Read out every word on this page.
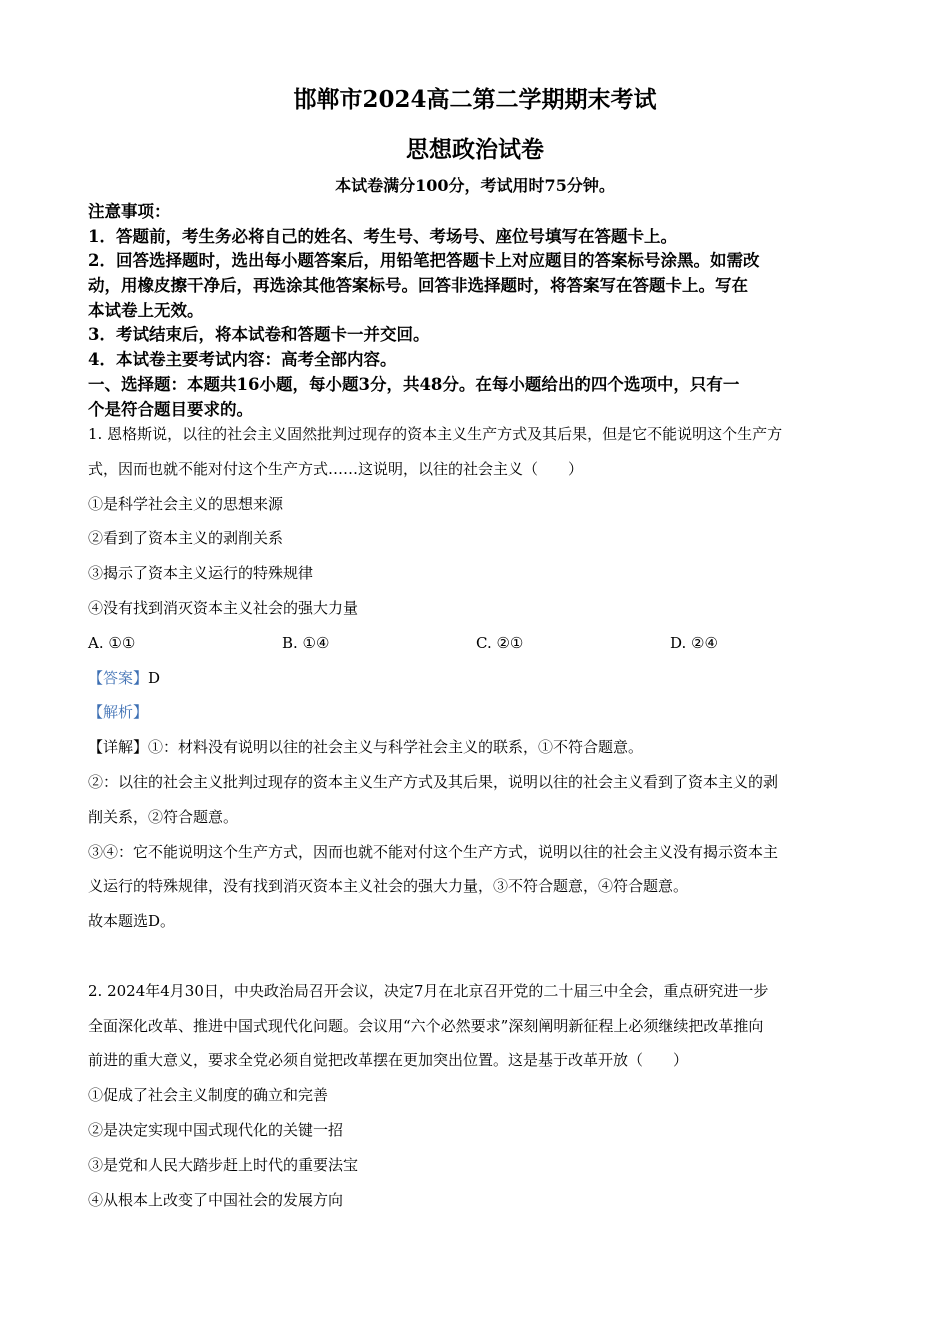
邯郸市2024高二第二学期期末考试
思想政治试卷
本试卷满分100分，考试用时75分钟。
注意事项：
1．答题前，考生务必将自己的姓名、考生号、考场号、座位号填写在答题卡上。
2．回答选择题时，选出每小题答案后，用铅笔把答题卡上对应题目的答案标号涂黑。如需改
动，用橡皮擦干净后，再选涂其他答案标号。回答非选择题时，将答案写在答题卡上。写在
本试卷上无效。
3．考试结束后，将本试卷和答题卡一并交回。
4．本试卷主要考试内容：高考全部内容。
一、选择题：本题共16小题，每小题3分，共48分。在每小题给出的四个选项中，只有一
个是符合题目要求的。
1. 恩格斯说，以往的社会主义固然批判过现存的资本主义生产方式及其后果，但是它不能说明这个生产方
式，因而也就不能对付这个生产方式……这说明，以往的社会主义（　　）
①是科学社会主义的思想来源
②看到了资本主义的剥削关系
③揭示了资本主义运行的特殊规律
④没有找到消灭资本主义社会的强大力量
A. ①①	B. ①④	C. ②①	D. ②④
【答案】D
【解析】
【详解】①：材料没有说明以往的社会主义与科学社会主义的联系，①不符合题意。
②：以往的社会主义批判过现存的资本主义生产方式及其后果，说明以往的社会主义看到了资本主义的剥
削关系，②符合题意。
③④：它不能说明这个生产方式，因而也就不能对付这个生产方式，说明以往的社会主义没有揭示资本主
义运行的特殊规律，没有找到消灭资本主义社会的强大力量，③不符合题意，④符合题意。
故本题选D。
2. 2024年4月30日，中央政治局召开会议，决定7月在北京召开党的二十届三中全会，重点研究进一步
全面深化改革、推进中国式现代化问题。会议用“六个必然要求”深刻阐明新征程上必须继续把改革推向
前进的重大意义，要求全党必须自觉把改革摆在更加突出位置。这是基于改革开放（　　）
①促成了社会主义制度的确立和完善
②是决定实现中国式现代化的关键一招
③是党和人民大踏步赶上时代的重要法宝
④从根本上改变了中国社会的发展方向
